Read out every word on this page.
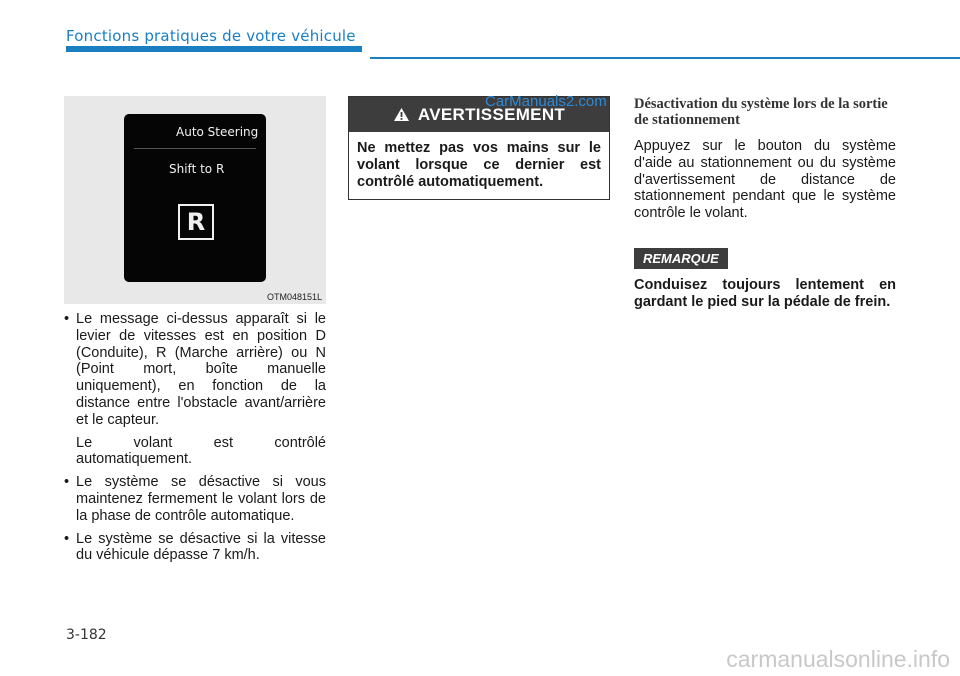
Fonctions pratiques de votre véhicule
Auto Steering
Shift to R
R
OTM048151L
• Le message ci-dessus apparaît si le levier de vitesses est en position D (Conduite), R (Marche arrière) ou N (Point mort, boîte manuelle uniquement), en fonction de la distance entre l'obstacle avant/arrière et le capteur.
Le volant est contrôlé automatiquement.
• Le système se désactive si vous maintenez fermement le volant lors de la phase de contrôle automatique.
• Le système se désactive si la vitesse du véhicule dépasse 7 km/h.
AVERTISSEMENT
Ne mettez pas vos mains sur le volant lorsque ce dernier est contrôlé automatiquement.
CarManuals2.com Désactivation du système lors de la sortie de stationnement
Appuyez sur le bouton du système d'aide au stationnement ou du système d'avertissement de distance de stationnement pendant que le système contrôle le volant.
REMARQUE
Conduisez toujours lentement en gardant le pied sur la pédale de frein.
3-182
carmanualsonline.info
